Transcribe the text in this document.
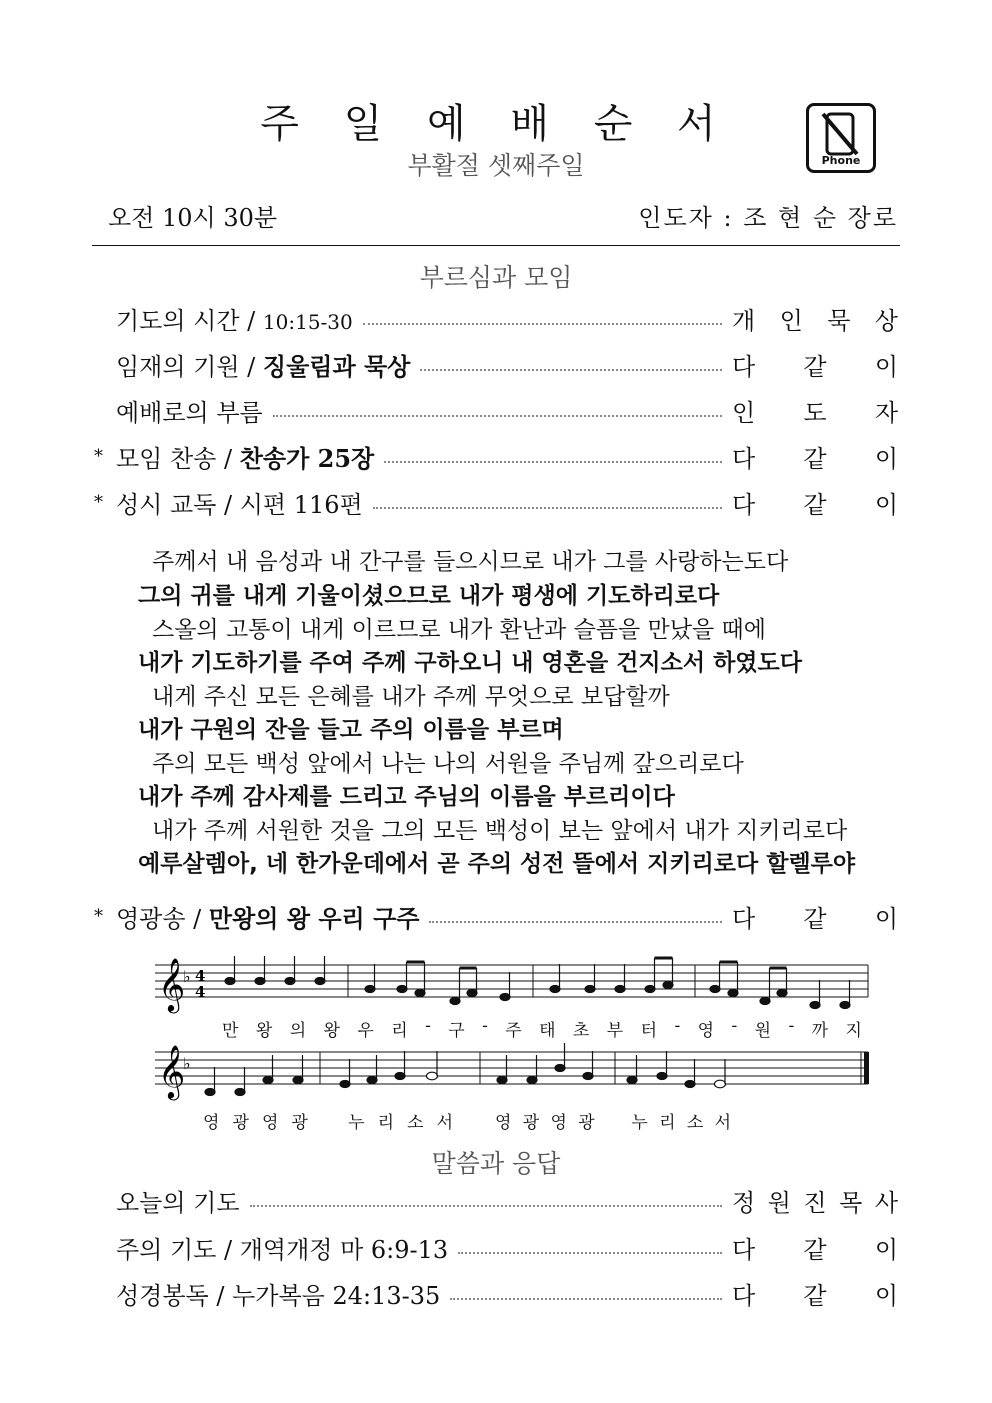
주 일 예 배 순 서
부활절 셋째주일	Phone
오전 10시 30분	인도자 : 조 현 순 장로
부르심과 모임
기도의 시간 / 10:15-30	개 인 묵 상
임재의 기원 / 징울림과 묵상	다 같 이
예배로의 부름	인 도 자
* 모임 찬송 / 찬송가 25장	다 같 이
* 성시 교독 / 시편 116편	다 같 이
주께서 내 음성과 내 간구를 들으시므로 내가 그를 사랑하는도다
그의 귀를 내게 기울이셨으므로 내가 평생에 기도하리로다
스올의 고통이 내게 이르므로 내가 환난과 슬픔을 만났을 때에
내가 기도하기를 주여 주께 구하오니 내 영혼을 건지소서 하였도다
내게 주신 모든 은혜를 내가 주께 무엇으로 보답할까
내가 구원의 잔을 들고 주의 이름을 부르며
주의 모든 백성 앞에서 나는 나의 서원을 주님께 갚으리로다
내가 주께 감사제를 드리고 주님의 이름을 부르리이다
내가 주께 서원한 것을 그의 모든 백성이 보는 앞에서 내가 지키리로다
예루살렘아, 네 한가운데에서 곧 주의 성전 뜰에서 지키리로다 할렐루야
* 영광송 / 만왕의 왕 우리 구주	다 같 이
𝄞
𝄞
♭
♭
4
4
만 왕 의 왕 우 리 - 구 - 주 태 초 부 터 - 영 - 원 - 까 지
영 광 영 광 누 리 소 서 영 광 영 광 누 리 소 서
말씀과 응답
오늘의 기도	정 원 진 목 사
주의 기도 / 개역개정 마 6:9-13	다 같 이
성경봉독 / 누가복음 24:13-35	다 같 이
